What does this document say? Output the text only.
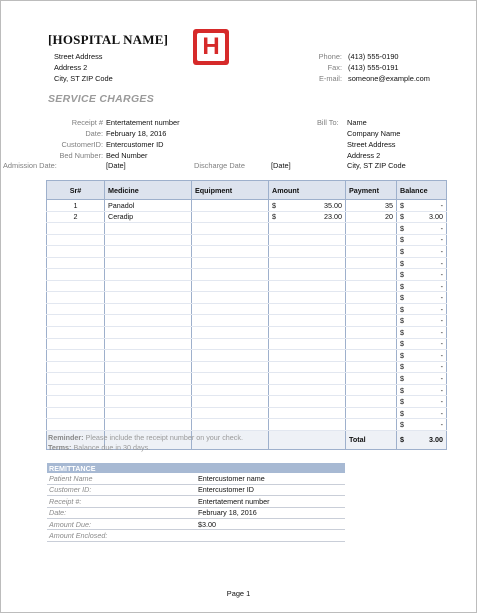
[HOSPITAL NAME]
Street Address
Address 2
City, ST ZIP Code
H	Phone: (413) 555-0190
Fax: (413) 555-0191
E-mail: someone@example.com
SERVICE CHARGES
Receipt # Entertatement number
Date: February 18, 2016
CustomerID: Entercustomer ID
Bed Number: Bed Number
Admission Date:	[Date]	Discharge Date	[Date]
Bill To: Name
Company Name
Street Address
Address 2
City, ST ZIP Code
Sr#	Medicine	Equipment	Amount	Payment	Balance
1	Panadol		$ 35.00	35	$ -

2	Ceradip		$ 23.00	20	$ 3.00

					$ -

					$ -

					$ -

					$ -

					$ -

					$ -

					$ -

					$ -

					$ -

					$ -

					$ -

					$ -

					$ -

					$ -

					$ -

					$ -

					$ -

					$ -

				Total	$ 3.00
Reminder: Please include the receipt number on your check.
Terms: Balance due in 30 days.
REMITTANCE	
Patient Name	Entercustomer name
Customer ID:	Entercustomer ID
Receipt #:	Entertatement number
Date:	February 18, 2016
Amount Due:	$3.00
Amount Enclosed:	
Page 1
